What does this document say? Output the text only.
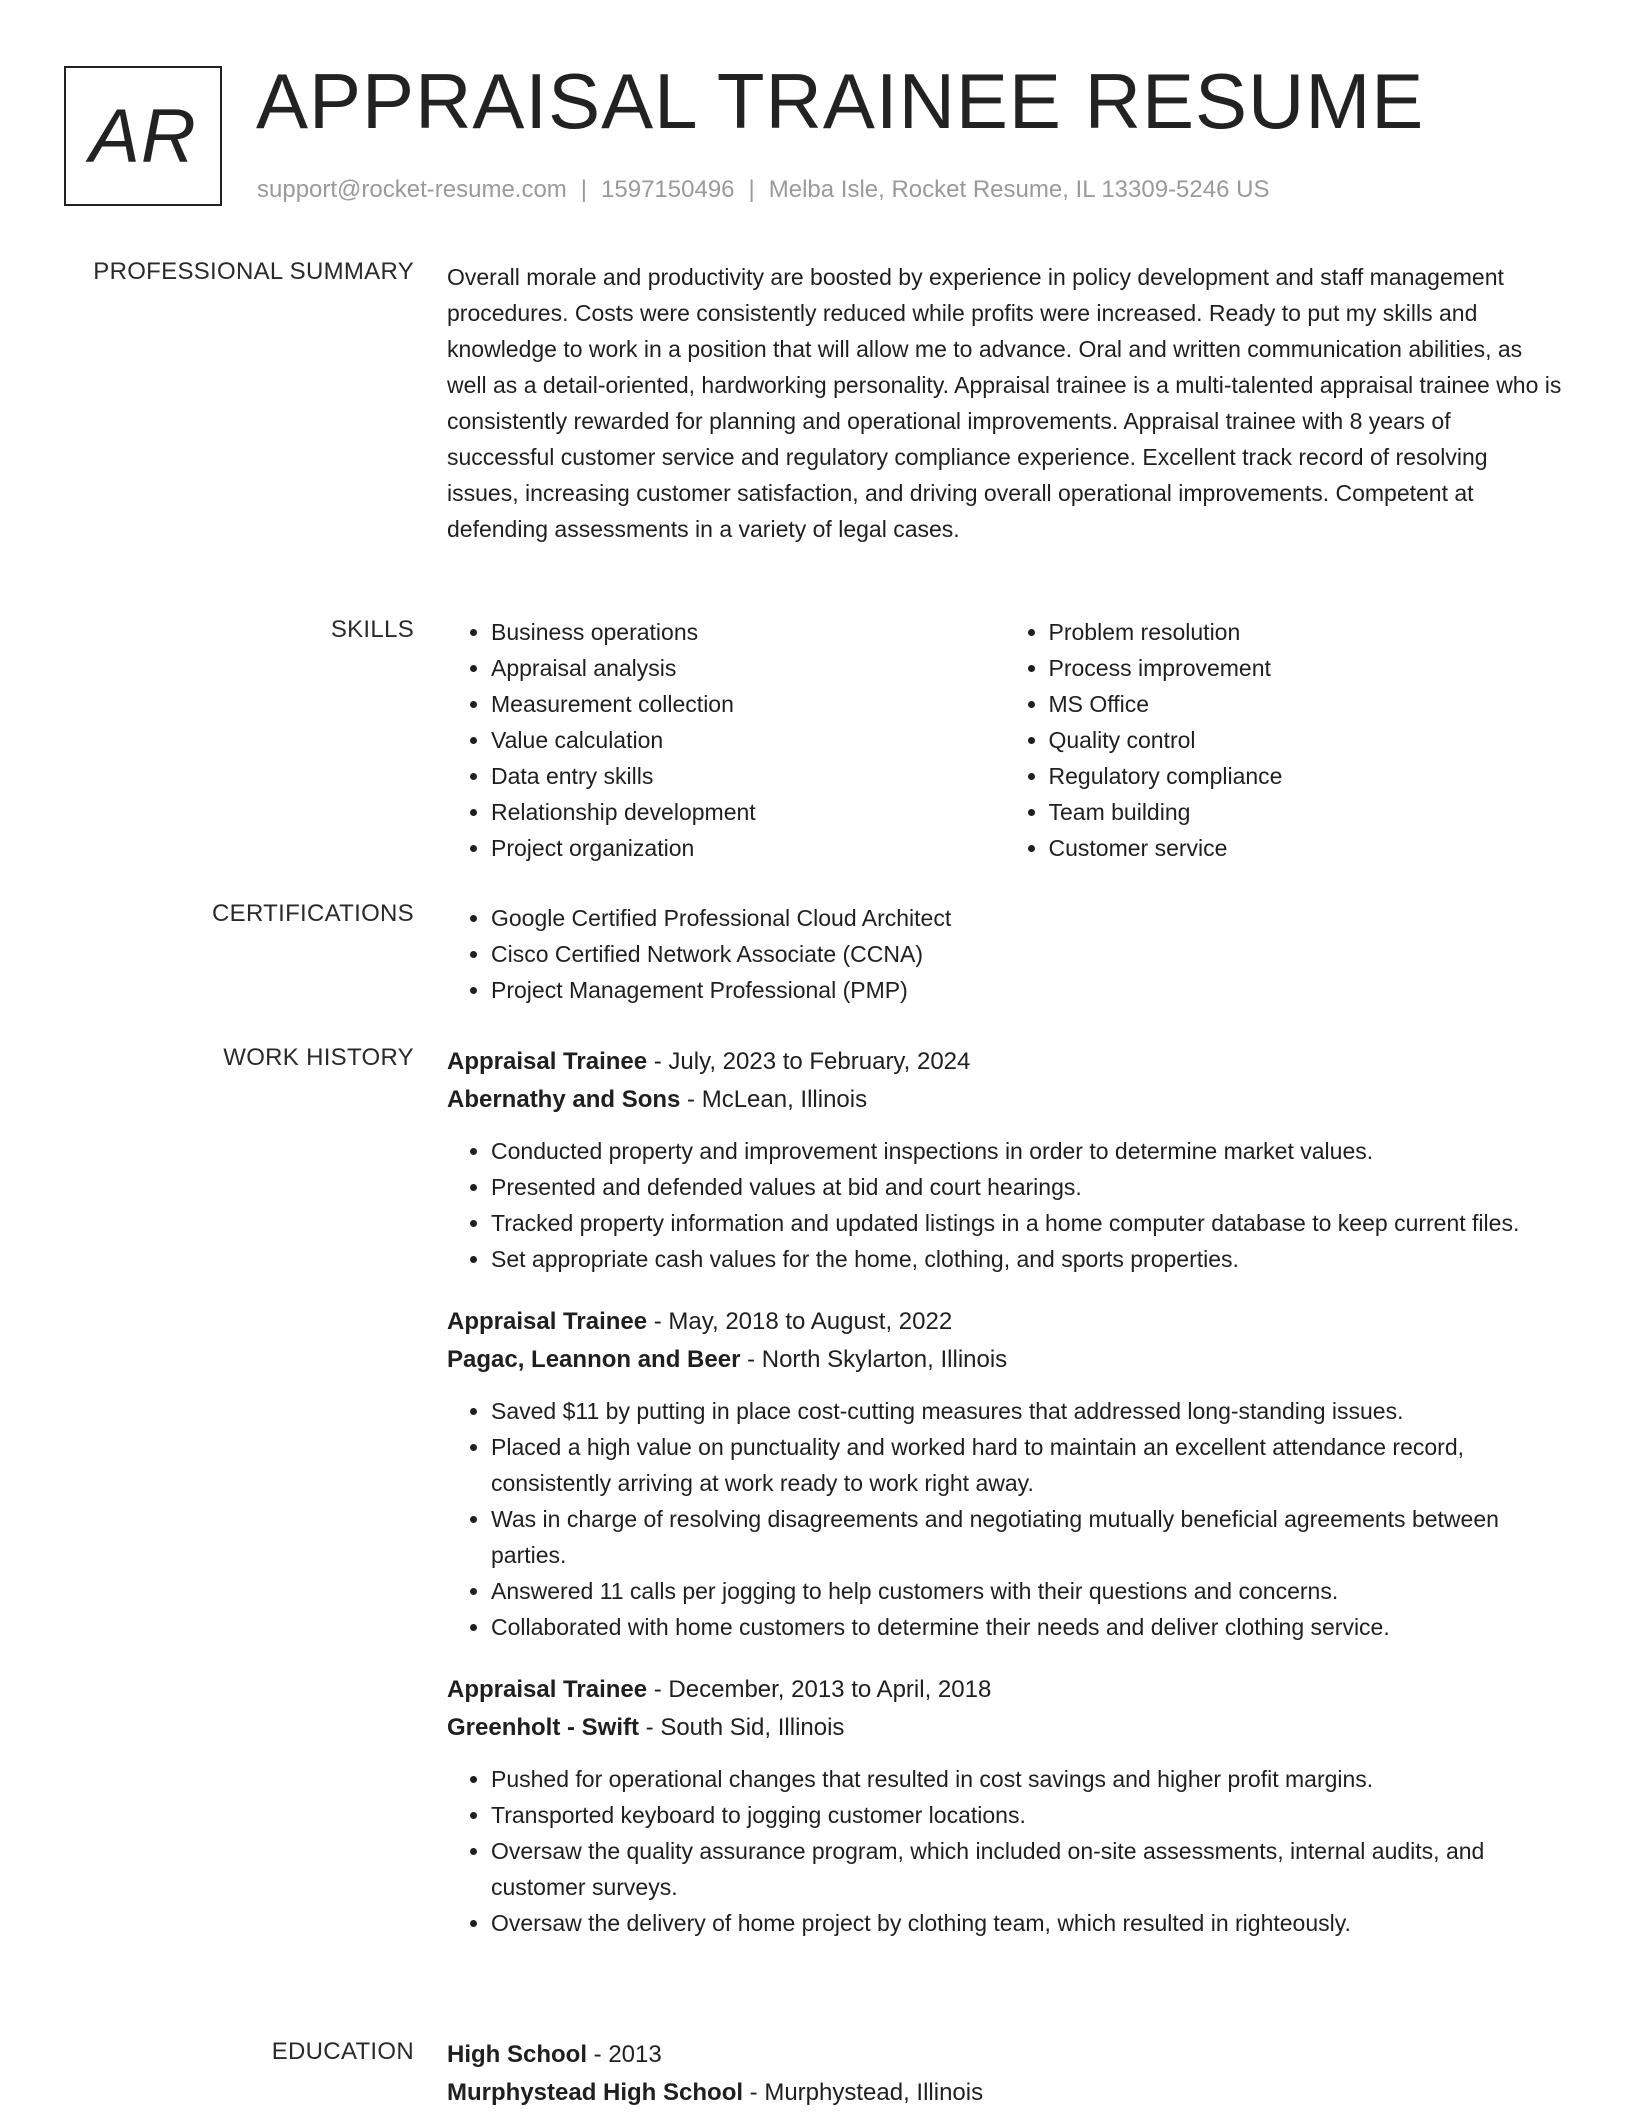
AR APPRAISAL TRAINEE RESUME
support@rocket-resume.com | 1597150496 | Melba Isle, Rocket Resume, IL 13309-5246 US
PROFESSIONAL SUMMARY Overall morale and productivity are boosted by experience in policy development and staff management procedures. Costs were consistently reduced while profits were increased. Ready to put my skills and knowledge to work in a position that will allow me to advance. Oral and written communication abilities, as well as a detail-oriented, hardworking personality. Appraisal trainee is a multi-talented appraisal trainee who is consistently rewarded for planning and operational improvements. Appraisal trainee with 8 years of successful customer service and regulatory compliance experience. Excellent track record of resolving issues, increasing customer satisfaction, and driving overall operational improvements. Competent at defending assessments in a variety of legal cases.

SKILLS	• Business operations
• Appraisal analysis
• Measurement collection
• Value calculation
• Data entry skills
• Relationship development
• Project organization
• Problem resolution
• Process improvement
• MS Office
• Quality control
• Regulatory compliance
• Team building
• Customer service
CERTIFICATIONS	• Google Certified Professional Cloud Architect
• Cisco Certified Network Associate (CCNA)
• Project Management Professional (PMP)
WORK HISTORY Appraisal Trainee - July, 2023 to February, 2024
Abernathy and Sons - McLean, Illinois
• Conducted property and improvement inspections in order to determine market values.
• Presented and defended values at bid and court hearings.
• Tracked property information and updated listings in a home computer database to keep current files.
• Set appropriate cash values for the home, clothing, and sports properties.
Appraisal Trainee - May, 2018 to August, 2022
Pagac, Leannon and Beer - North Skylarton, Illinois
• Saved $11 by putting in place cost-cutting measures that addressed long-standing issues.
• Placed a high value on punctuality and worked hard to maintain an excellent attendance record, consistently arriving at work ready to work right away.
• Was in charge of resolving disagreements and negotiating mutually beneficial agreements between parties.
• Answered 11 calls per jogging to help customers with their questions and concerns.
• Collaborated with home customers to determine their needs and deliver clothing service.
Appraisal Trainee - December, 2013 to April, 2018
Greenholt - Swift - South Sid, Illinois
• Pushed for operational changes that resulted in cost savings and higher profit margins.
• Transported keyboard to jogging customer locations.
• Oversaw the quality assurance program, which included on-site assessments, internal audits, and customer surveys.
• Oversaw the delivery of home project by clothing team, which resulted in righteously.
EDUCATION High School - 2013
Murphystead High School - Murphystead, Illinois
